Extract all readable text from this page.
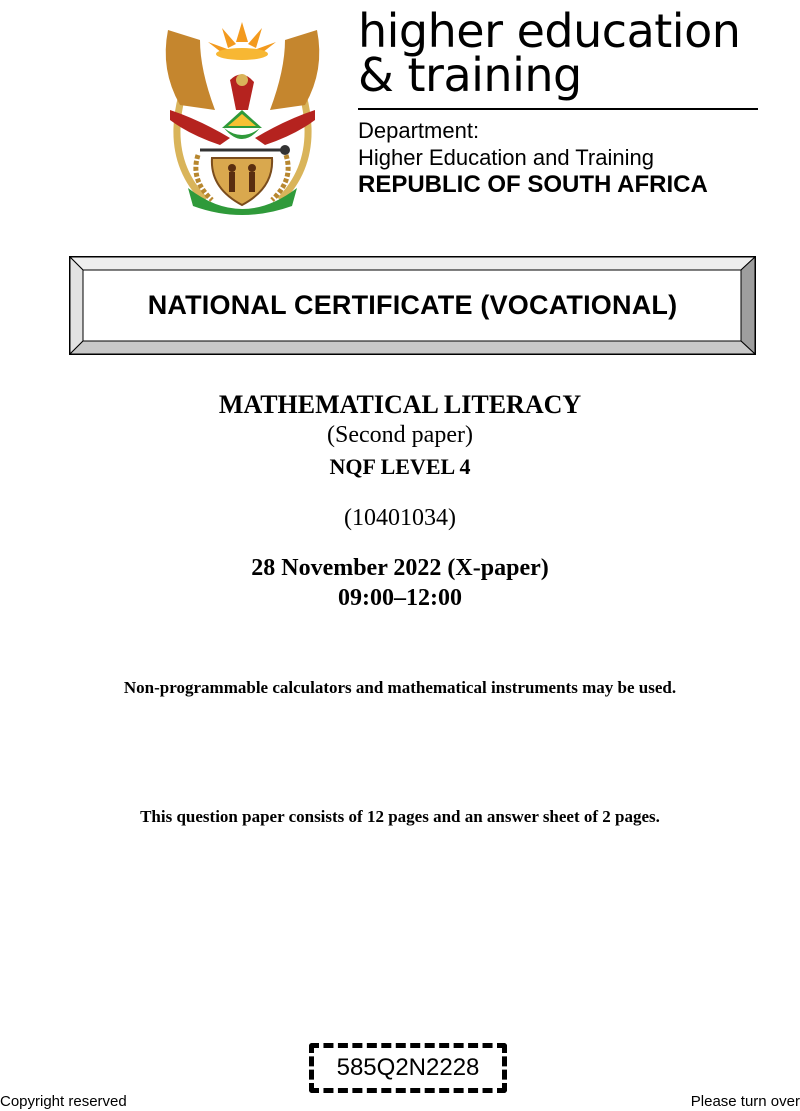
higher education
& training
Department:
Higher Education and Training
REPUBLIC OF SOUTH AFRICA
NATIONAL CERTIFICATE (VOCATIONAL)
MATHEMATICAL LITERACY
(Second paper)
NQF LEVEL 4
(10401034)
28 November 2022 (X-paper)
09:00–12:00
Non-programmable calculators and mathematical instruments may be used.
This question paper consists of 12 pages and an answer sheet of 2 pages.
585Q2N2228
Copyright reserved	Please turn over
